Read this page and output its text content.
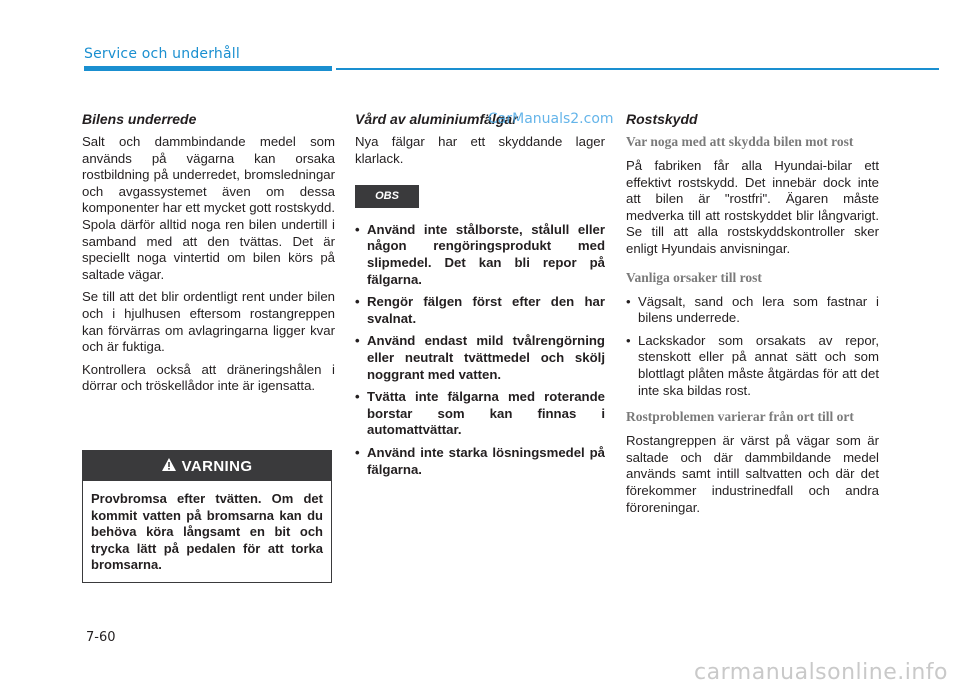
Service och underhåll
Bilens underrede

Salt och dammbindande medel som används på vägarna kan orsaka rostbildning på underredet, bromsledningar och avgassystemet även om dessa komponenter har ett mycket gott rostskydd. Spola därför alltid noga ren bilen undertill i samband med att den tvättas. Det är speciellt noga vintertid om bilen körs på saltade vägar.

Se till att det blir ordentligt rent under bilen och i hjulhusen eftersom rostangreppen kan förvärras om avlagringarna ligger kvar och är fuktiga.

Kontrollera också att dräneringshålen i dörrar och tröskellådor inte är igensatta.

VARNING
Provbromsa efter tvätten. Om det kommit vatten på bromsarna kan du behöva köra långsamt en bit och trycka lätt på pedalen för att torka bromsarna.
Vård av aluminiumfälgar

Nya fälgar har ett skyddande lager klarlack.

OBS
• Använd inte stålborste, stålull eller någon rengöringsprodukt med slipmedel. Det kan bli repor på fälgarna.
• Rengör fälgen först efter den har svalnat.
• Använd endast mild tvålrengörning eller neutralt tvättmedel och skölj noggrant med vatten.
• Tvätta inte fälgarna med roterande borstar som kan finnas i automattvättar.
• Använd inte starka lösningsmedel på fälgarna.
Rostskydd
Var noga med att skydda bilen mot rost

På fabriken får alla Hyundai-bilar ett effektivt rostskydd. Det innebär dock inte att bilen är "rostfri". Ägaren måste medverka till att rostskyddet blir långvarigt. Se till att alla rostskyddskontroller sker enligt Hyundais anvisningar.

Vanliga orsaker till rost
• Vägsalt, sand och lera som fastnar i bilens underrede.
• Lackskador som orsakats av repor, stenskott eller på annat sätt och som blottlagt plåten måste åtgärdas för att det inte ska bildas rost.
Rostproblemen varierar från ort till ort

Rostangreppen är värst på vägar som är saltade och där dammbildande medel används samt intill saltvatten och där det förekommer industrinedfall och andra föroreningar.

CarManuals2.com
7-60
carmanualsonline.info
